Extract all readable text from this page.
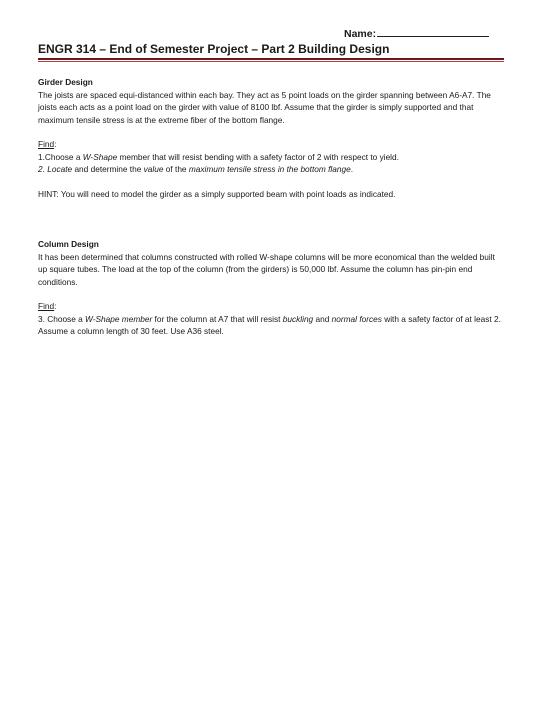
Name:
ENGR 314 – End of Semester Project – Part 2 Building Design

Girder Design

The joists are spaced equi-distanced within each bay. They act as 5 point loads on the girder spanning between A6-A7. The joists each acts as a point load on the girder with value of 8100 lbf. Assume that the girder is simply supported and that maximum tensile stress is at the extreme fiber of the bottom flange.

Find:

1.Choose a W-Shape member that will resist bending with a safety factor of 2 with respect to yield.

2. Locate and determine the value of the maximum tensile stress in the bottom flange.

HINT: You will need to model the girder as a simply supported beam with point loads as indicated.

Column Design

It has been determined that columns constructed with rolled W-shape columns will be more economical than the welded built up square tubes. The load at the top of the column (from the girders) is 50,000 lbf. Assume the column has pin-pin end conditions.

Find:

3. Choose a W-Shape member for the column at A7 that will resist buckling and normal forces with a safety factor of at least 2. Assume a column length of 30 feet. Use A36 steel.
